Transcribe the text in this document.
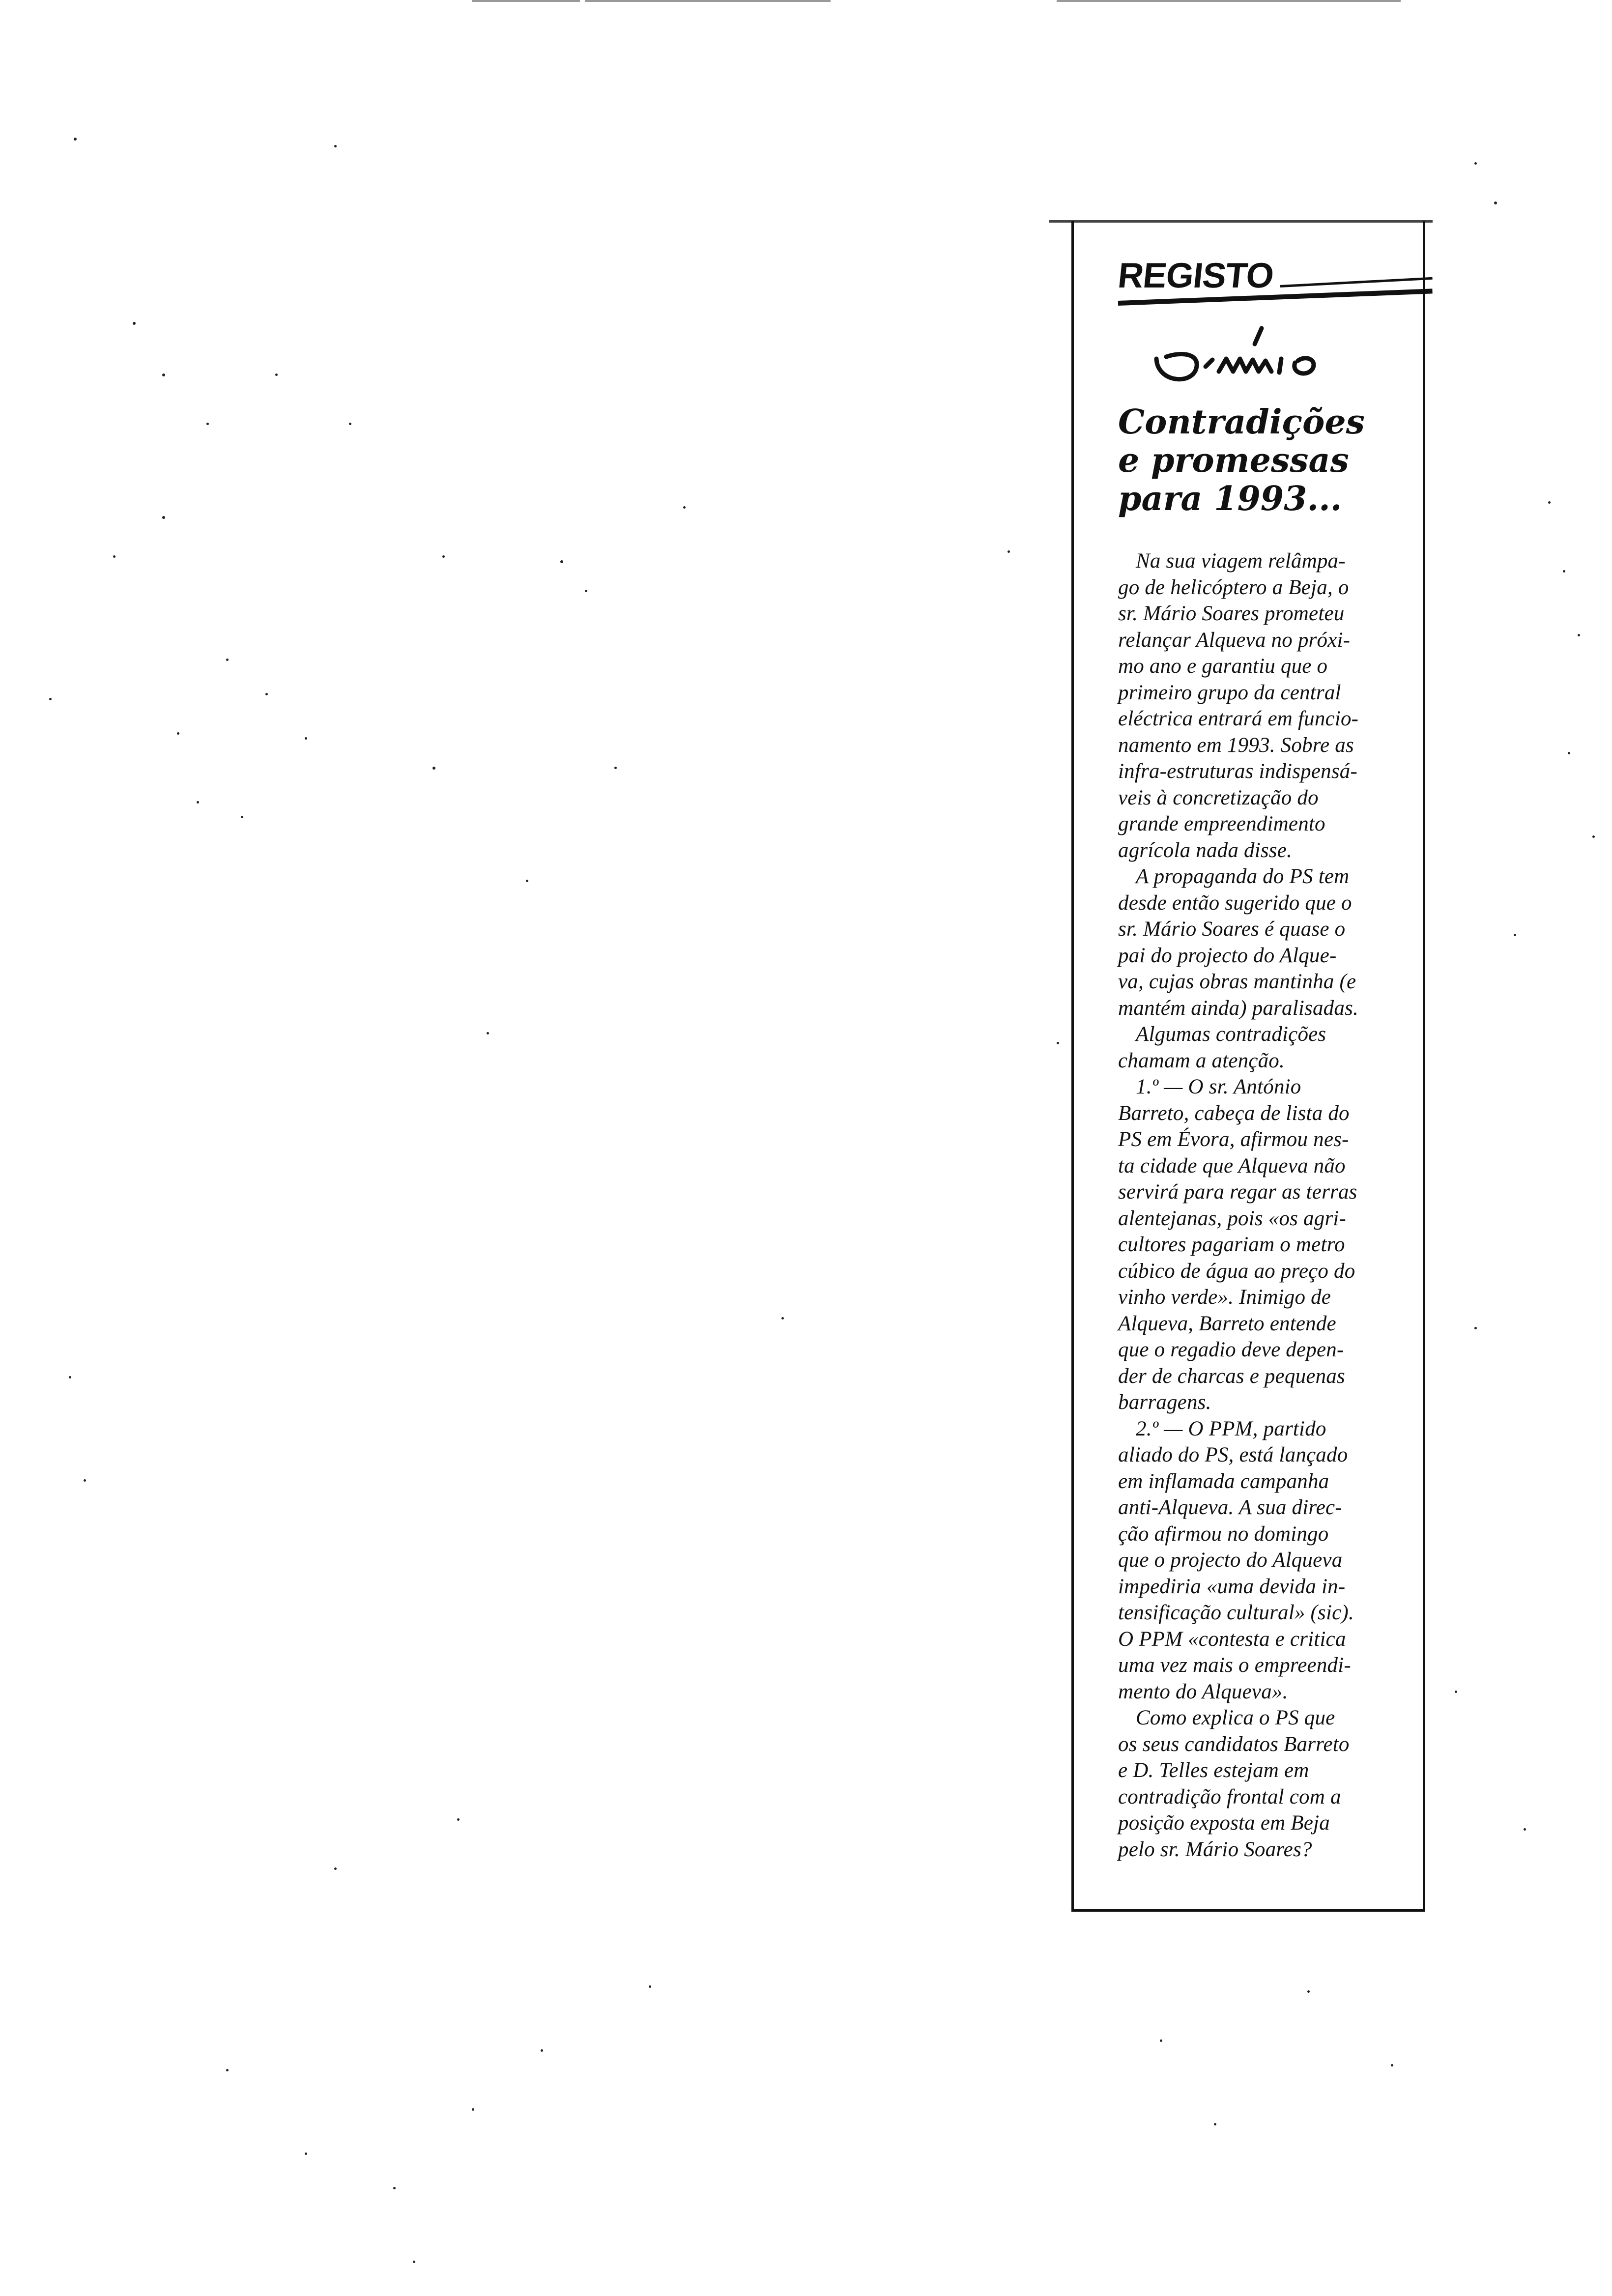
REGISTO
Contradições
e promessas
para 1993...
Na sua viagem relâmpa-
go de helicóptero a Beja, o
sr. Mário Soares prometeu
relançar Alqueva no próxi-
mo ano e garantiu que o
primeiro grupo da central
eléctrica entrará em funcio-
namento em 1993. Sobre as
infra-estruturas indispensá-
veis à concretização do
grande empreendimento
agrícola nada disse.
A propaganda do PS tem
desde então sugerido que o
sr. Mário Soares é quase o
pai do projecto do Alque-
va, cujas obras mantinha (e
mantém ainda) paralisadas.
Algumas contradições
chamam a atenção.
1.º — O sr. António
Barreto, cabeça de lista do
PS em Évora, afirmou nes-
ta cidade que Alqueva não
servirá para regar as terras
alentejanas, pois «os agri-
cultores pagariam o metro
cúbico de água ao preço do
vinho verde». Inimigo de
Alqueva, Barreto entende
que o regadio deve depen-
der de charcas e pequenas
barragens.
2.º — O PPM, partido
aliado do PS, está lançado
em inflamada campanha
anti-Alqueva. A sua direc-
ção afirmou no domingo
que o projecto do Alqueva
impediria «uma devida in-
tensificação cultural» (sic).
O PPM «contesta e critica
uma vez mais o empreendi-
mento do Alqueva».
Como explica o PS que
os seus candidatos Barreto
e D. Telles estejam em
contradição frontal com a
posição exposta em Beja
pelo sr. Mário Soares?
